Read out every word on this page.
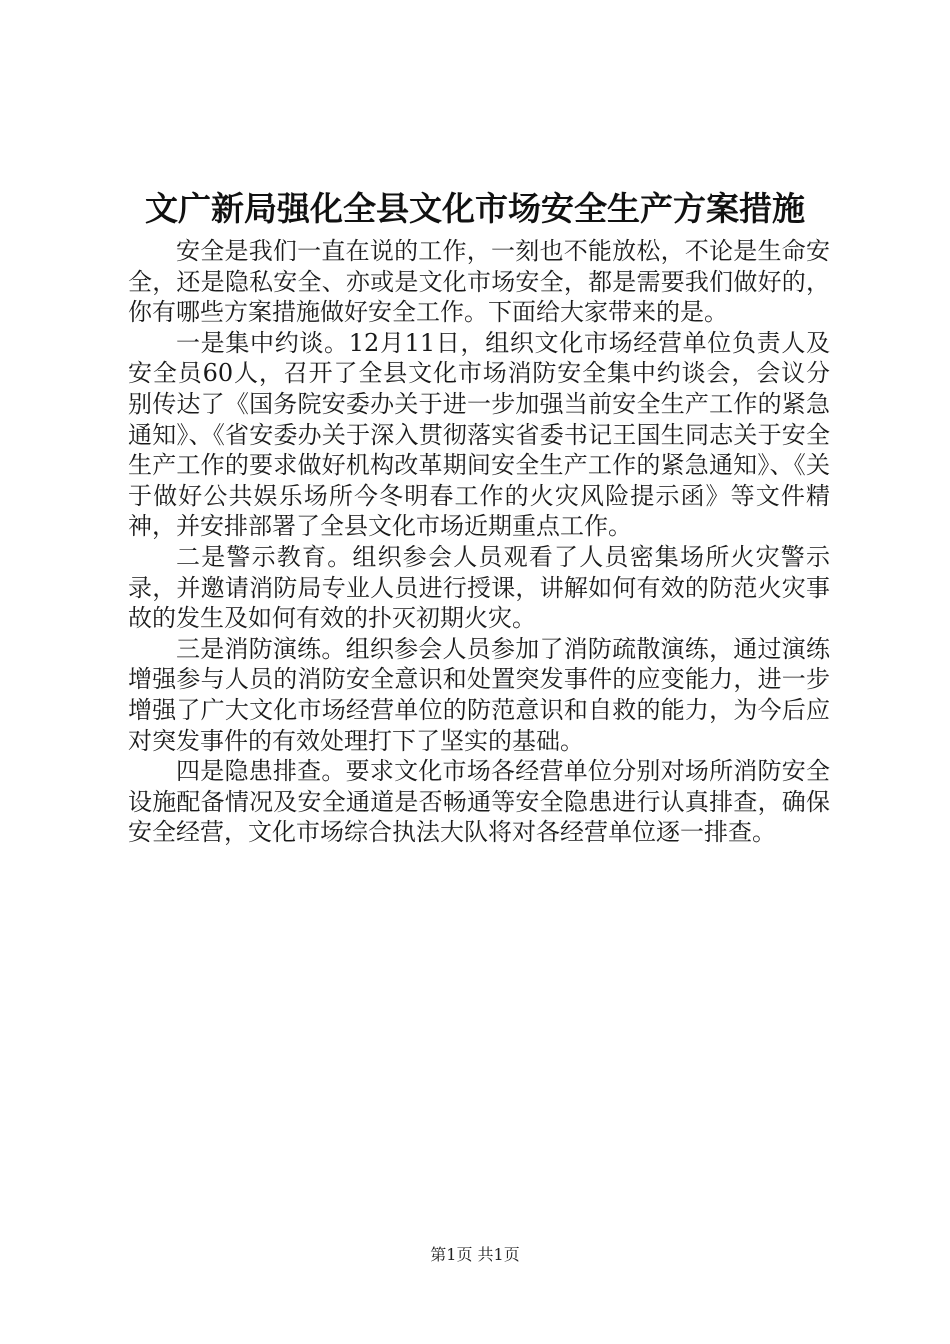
文广新局强化全县文化市场安全生产方案措施

安全是我们一直在说的工作，一刻也不能放松，不论是生命安全，还是隐私安全、亦或是文化市场安全，都是需要我们做好的，你有哪些方案措施做好安全工作。下面给大家带来的是。

一是集中约谈。12月11日，组织文化市场经营单位负责人及安全员60人，召开了全县文化市场消防安全集中约谈会，会议分别传达了《国务院安委办关于进一步加强当前安全生产工作的紧急通知》、《省安委办关于深入贯彻落实省委书记王国生同志关于安全生产工作的要求做好机构改革期间安全生产工作的紧急通知》、《关于做好公共娱乐场所今冬明春工作的火灾风险提示函》等文件精神，并安排部署了全县文化市场近期重点工作。

二是警示教育。组织参会人员观看了人员密集场所火灾警示录，并邀请消防局专业人员进行授课，讲解如何有效的防范火灾事故的发生及如何有效的扑灭初期火灾。

三是消防演练。组织参会人员参加了消防疏散演练，通过演练增强参与人员的消防安全意识和处置突发事件的应变能力，进一步增强了广大文化市场经营单位的防范意识和自救的能力，为今后应对突发事件的有效处理打下了坚实的基础。

四是隐患排查。要求文化市场各经营单位分别对场所消防安全设施配备情况及安全通道是否畅通等安全隐患进行认真排查，确保安全经营，文化市场综合执法大队将对各经营单位逐一排查。

第1页 共1页
